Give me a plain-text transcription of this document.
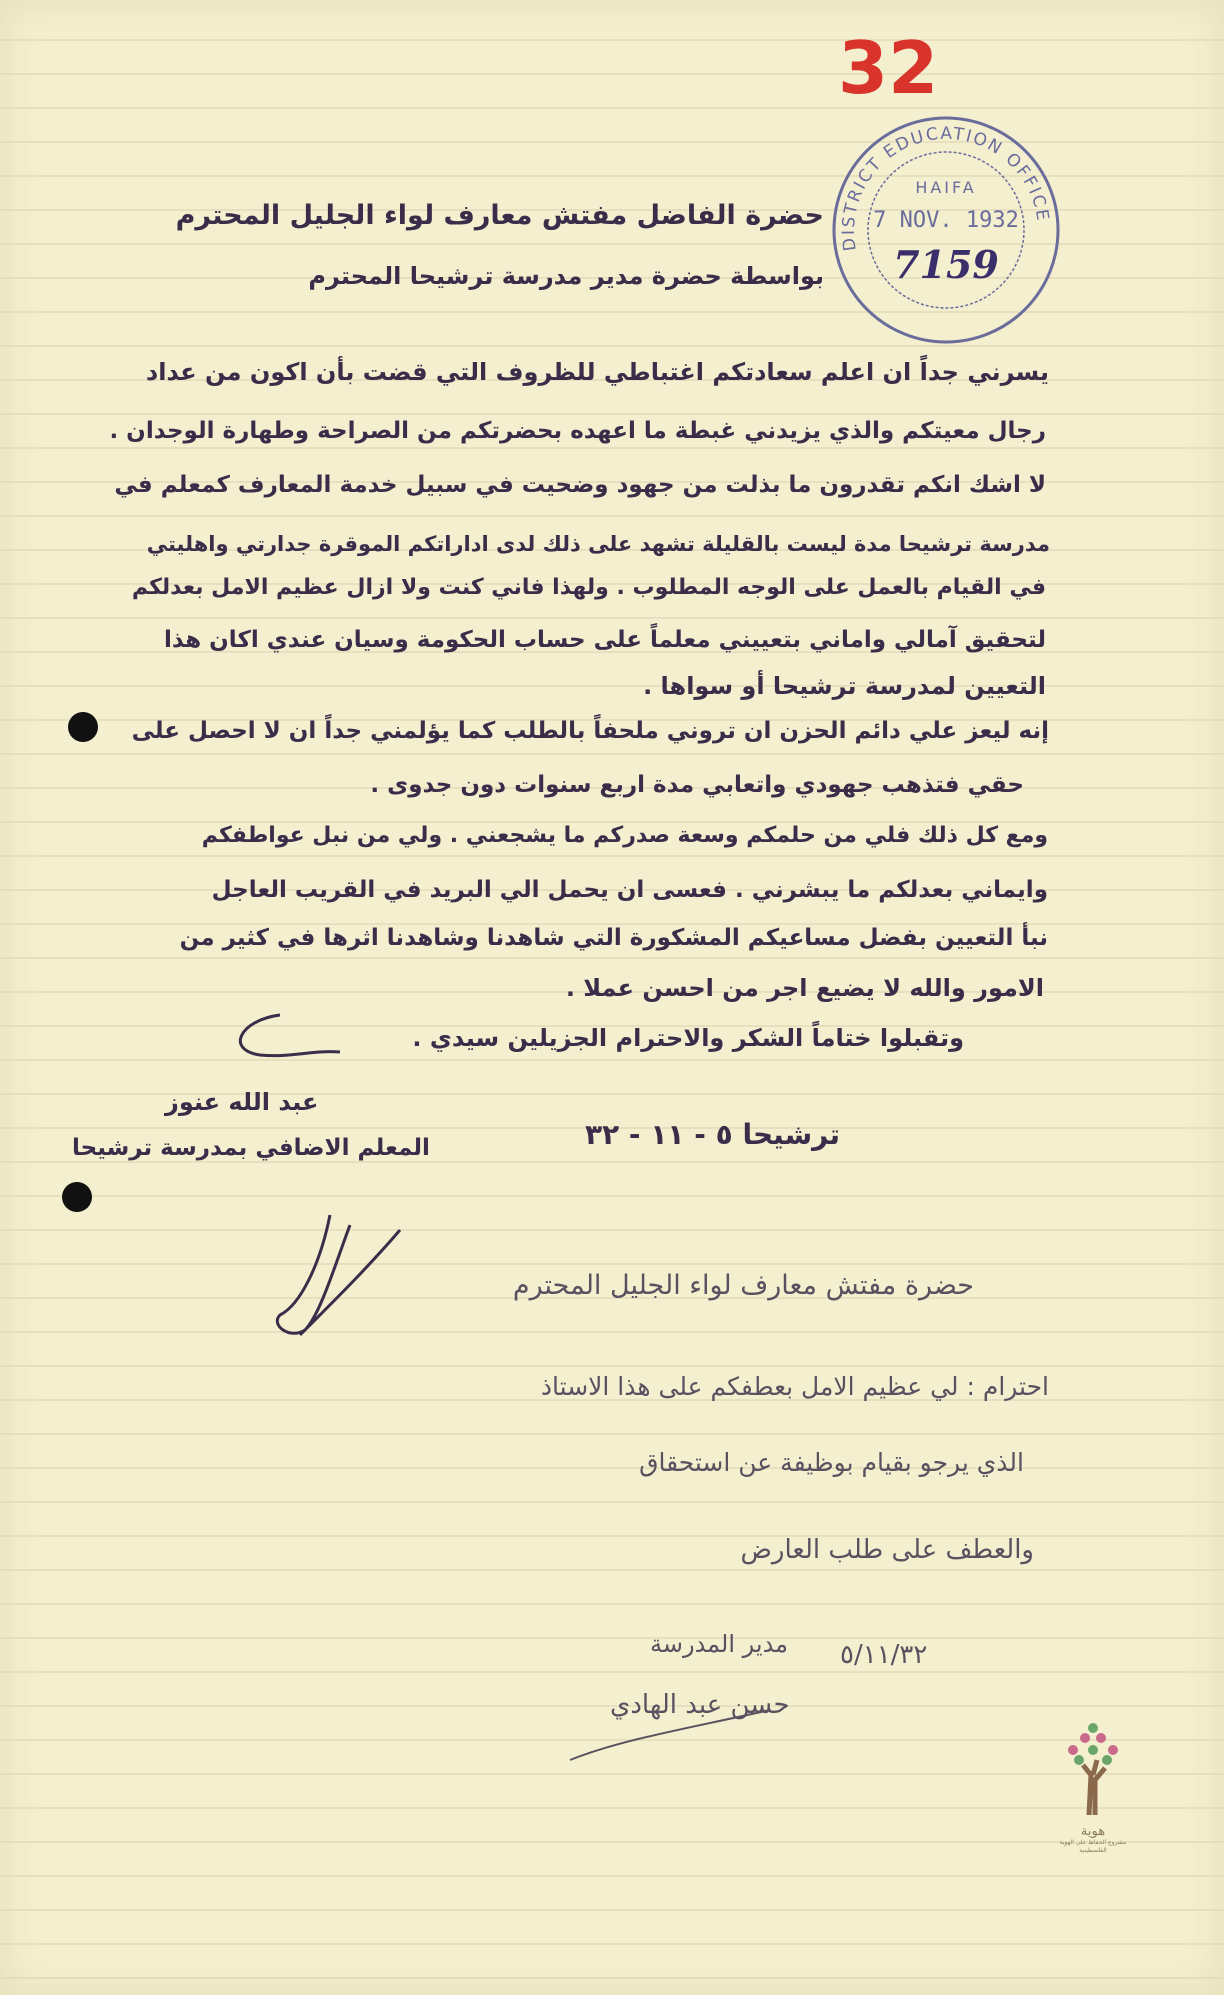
32
DISTRICT EDUCATION OFFICE
HAIFA
7 NOV. 1932
7159
حضرة الفاضل مفتش معارف لواء الجليل المحترم
بواسطة حضرة مدير مدرسة ترشيحا المحترم
يسرني جداً ان اعلم سعادتكم اغتباطي للظروف التي قضت بأن اكون من عداد
رجال معيتكم والذي يزيدني غبطة ما اعهده بحضرتكم من الصراحة وطهارة الوجدان .
لا اشك انكم تقدرون ما بذلت من جهود وضحيت في سبيل خدمة المعارف كمعلم في
مدرسة ترشيحا مدة ليست بالقليلة تشهد على ذلك لدى اداراتكم الموقرة جدارتي واهليتي
في القيام بالعمل على الوجه المطلوب . ولهذا فاني كنت ولا ازال عظيم الامل بعدلكم
لتحقيق آمالي واماني بتعييني معلماً على حساب الحكومة وسيان عندي اكان هذا
التعيين لمدرسة ترشيحا أو سواها .
إنه ليعز علي دائم الحزن ان تروني ملحفاً بالطلب كما يؤلمني جداً ان لا احصل على
حقي فتذهب جهودي واتعابي مدة اربع سنوات دون جدوى .
ومع كل ذلك فلي من حلمكم وسعة صدركم ما يشجعني . ولي من نبل عواطفكم
وايماني بعدلكم ما يبشرني . فعسى ان يحمل الي البريد في القريب العاجل
نبأ التعيين بفضل مساعيكم المشكورة التي شاهدنا وشاهدنا اثرها في كثير من
الامور والله لا يضيع اجر من احسن عملا .
وتقبلوا ختاماً الشكر والاحترام الجزيلين سيدي .
عبد الله عنوز
المعلم الاضافي بمدرسة ترشيحا	ترشيحا ٥ - ١١ - ٣٢
حضرة مفتش معارف لواء الجليل المحترم
احترام : لي عظيم الامل بعطفكم على هذا الاستاذ
الذي يرجو بقيام بوظيفة عن استحقاق
والعطف على طلب العارض
٥/١١/٣٢
مدير المدرسة
حسن عبد الهادي
هوية
مشروع الحفاظ على الهوية الفلسطينية
